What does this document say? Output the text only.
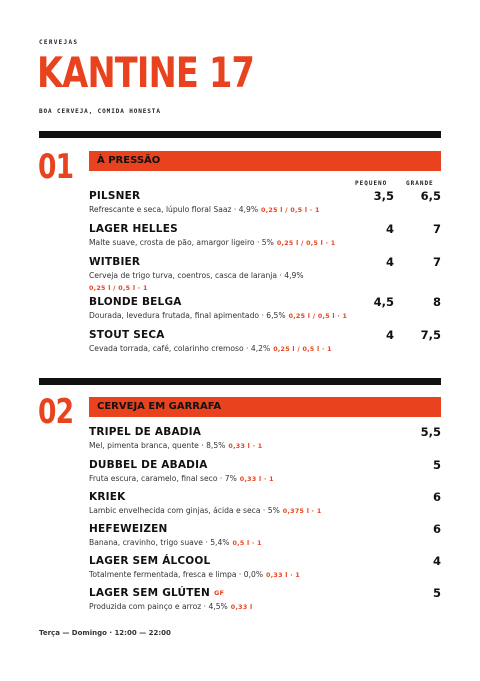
CERVEJAS
KANTINE 17
BOA CERVEJA, COMIDA HONESTA
01 À PRESSÃO
PEQUENO	GRANDE
PILSNER
Refrescante e seca, lúpulo floral Saaz · 4,9% 0,25 l / 0,5 l · 1
3,5	6,5
LAGER HELLES
Malte suave, crosta de pão, amargor ligeiro · 5% 0,25 l / 0,5 l · 1
4	7
WITBIER
Cerveja de trigo turva, coentros, casca de laranja · 4,9%
0,25 l / 0,5 l · 1
4	7
BLONDE BELGA
Dourada, levedura frutada, final apimentado · 6,5% 0,25 l / 0,5 l · 1
4,5	8
STOUT SECA
Cevada torrada, café, colarinho cremoso · 4,2% 0,25 l / 0,5 l · 1
4	7,5
02 CERVEJA EM GARRAFA
TRIPEL DE ABADIA
Mel, pimenta branca, quente · 8,5% 0,33 l · 1
5,5
DUBBEL DE ABADIA
Fruta escura, caramelo, final seco · 7% 0,33 l · 1
5
KRIEK
Lambic envelhecida com ginjas, ácida e seca · 5% 0,375 l · 1
6
HEFEWEIZEN
Banana, cravinho, trigo suave · 5,4% 0,5 l · 1
6
LAGER SEM ÁLCOOL
Totalmente fermentada, fresca e limpa · 0,0% 0,33 l · 1
4
LAGER SEM GLÚTEN GF
Produzida com painço e arroz · 4,5% 0,33 l
5
Terça — Domingo · 12:00 — 22:00
